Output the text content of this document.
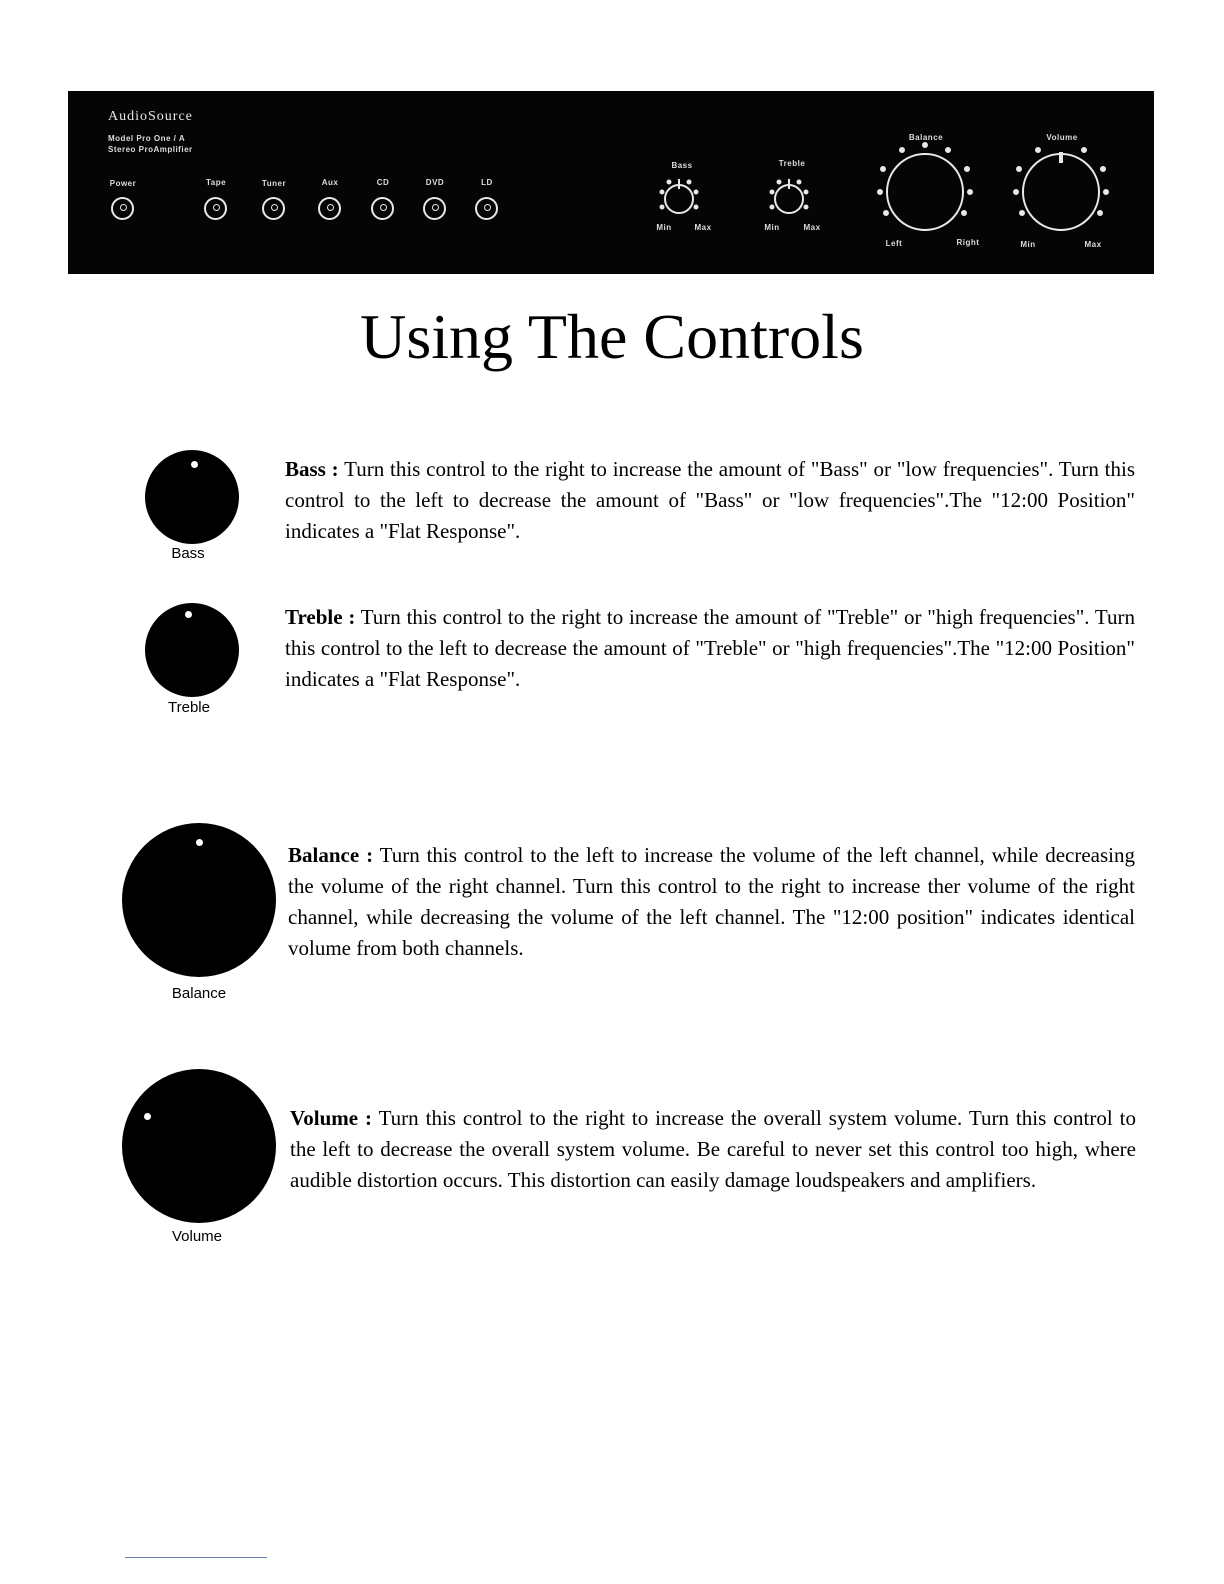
AudioSource
Model Pro One / A
Stereo ProAmplifier
Power	Tape	Tuner	Aux	CD	DVD	LD
Bass	Treble
Balance	Volume
Min	Max	Min	Max
Left	Right	Min	Max
Using The Controls
Bass
Bass : Turn this control to the right to increase the amount of "Bass" or "low frequencies". Turn this control to the left to decrease the amount of "Bass" or "low frequencies".The "12:00 Position" indicates a "Flat Response".
Treble
Treble : Turn this control to the right to increase the amount of "Treble" or "high frequencies". Turn this control to the left to decrease the amount of "Treble" or "high frequencies".The "12:00 Position" indicates a "Flat Response".
Balance
Balance : Turn this control to the left to increase the volume of the left channel, while decreasing the volume of the right channel. Turn this control to the right to increase ther volume of the right channel, while decreasing the volume of the left channel. The "12:00 position" indicates identical volume from both channels.
Volume
Volume : Turn this control to the right to increase the overall system volume. Turn this control to the left to decrease the overall system volume. Be careful to never set this control too high, where audible distortion occurs. This distortion can easily damage loudspeakers and amplifiers.
